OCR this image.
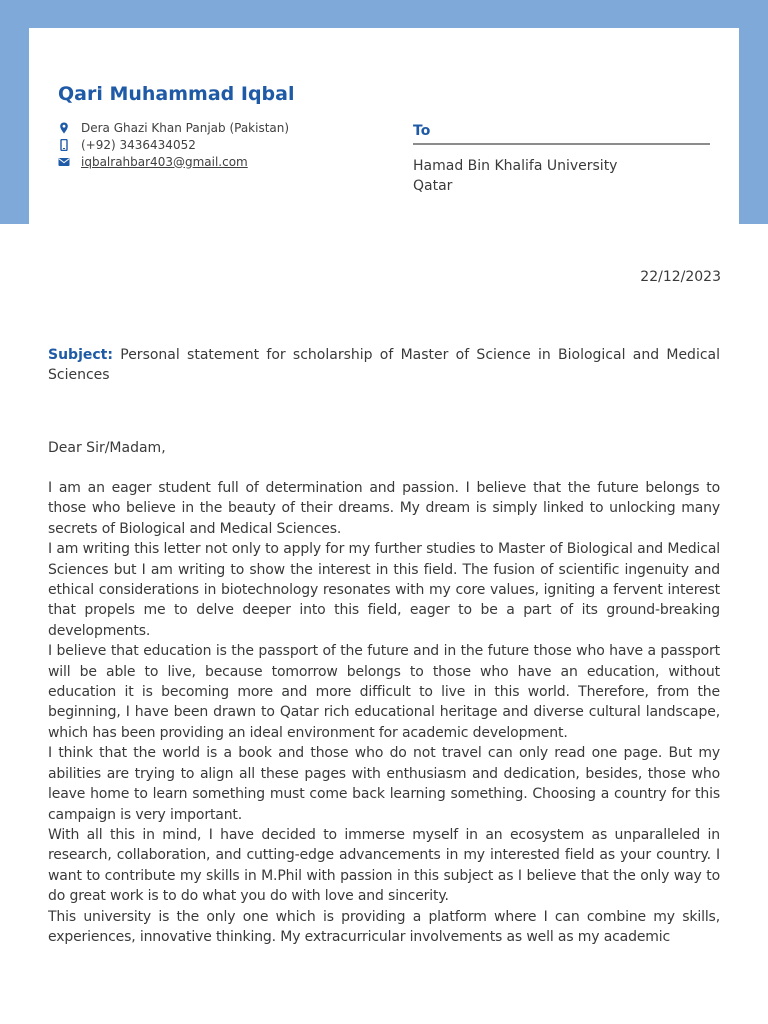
Qari Muhammad Iqbal
Dera Ghazi Khan Panjab (Pakistan)
(+92) 3436434052
iqbalrahbar403@gmail.com
To
Hamad Bin Khalifa University
Qatar
22/12/2023

Subject: Personal statement for scholarship of Master of Science in Biological and Medical Sciences

Dear Sir/Madam,

I am an eager student full of determination and passion. I believe that the future belongs to those who believe in the beauty of their dreams. My dream is simply linked to unlocking many secrets of Biological and Medical Sciences.

I am writing this letter not only to apply for my further studies to Master of Biological and Medical Sciences but I am writing to show the interest in this field. The fusion of scientific ingenuity and ethical considerations in biotechnology resonates with my core values, igniting a fervent interest that propels me to delve deeper into this field, eager to be a part of its ground-breaking developments.

I believe that education is the passport of the future and in the future those who have a passport will be able to live, because tomorrow belongs to those who have an education, without education it is becoming more and more difficult to live in this world. Therefore, from the beginning, I have been drawn to Qatar rich educational heritage and diverse cultural landscape, which has been providing an ideal environment for academic development.

I think that the world is a book and those who do not travel can only read one page. But my abilities are trying to align all these pages with enthusiasm and dedication, besides, those who leave home to learn something must come back learning something. Choosing a country for this campaign is very important.

With all this in mind, I have decided to immerse myself in an ecosystem as unparalleled in research, collaboration, and cutting-edge advancements in my interested field as your country. I want to contribute my skills in M.Phil with passion in this subject as I believe that the only way to do great work is to do what you do with love and sincerity.

This university is the only one which is providing a platform where I can combine my skills, experiences, innovative thinking. My extracurricular involvements as well as my academic
